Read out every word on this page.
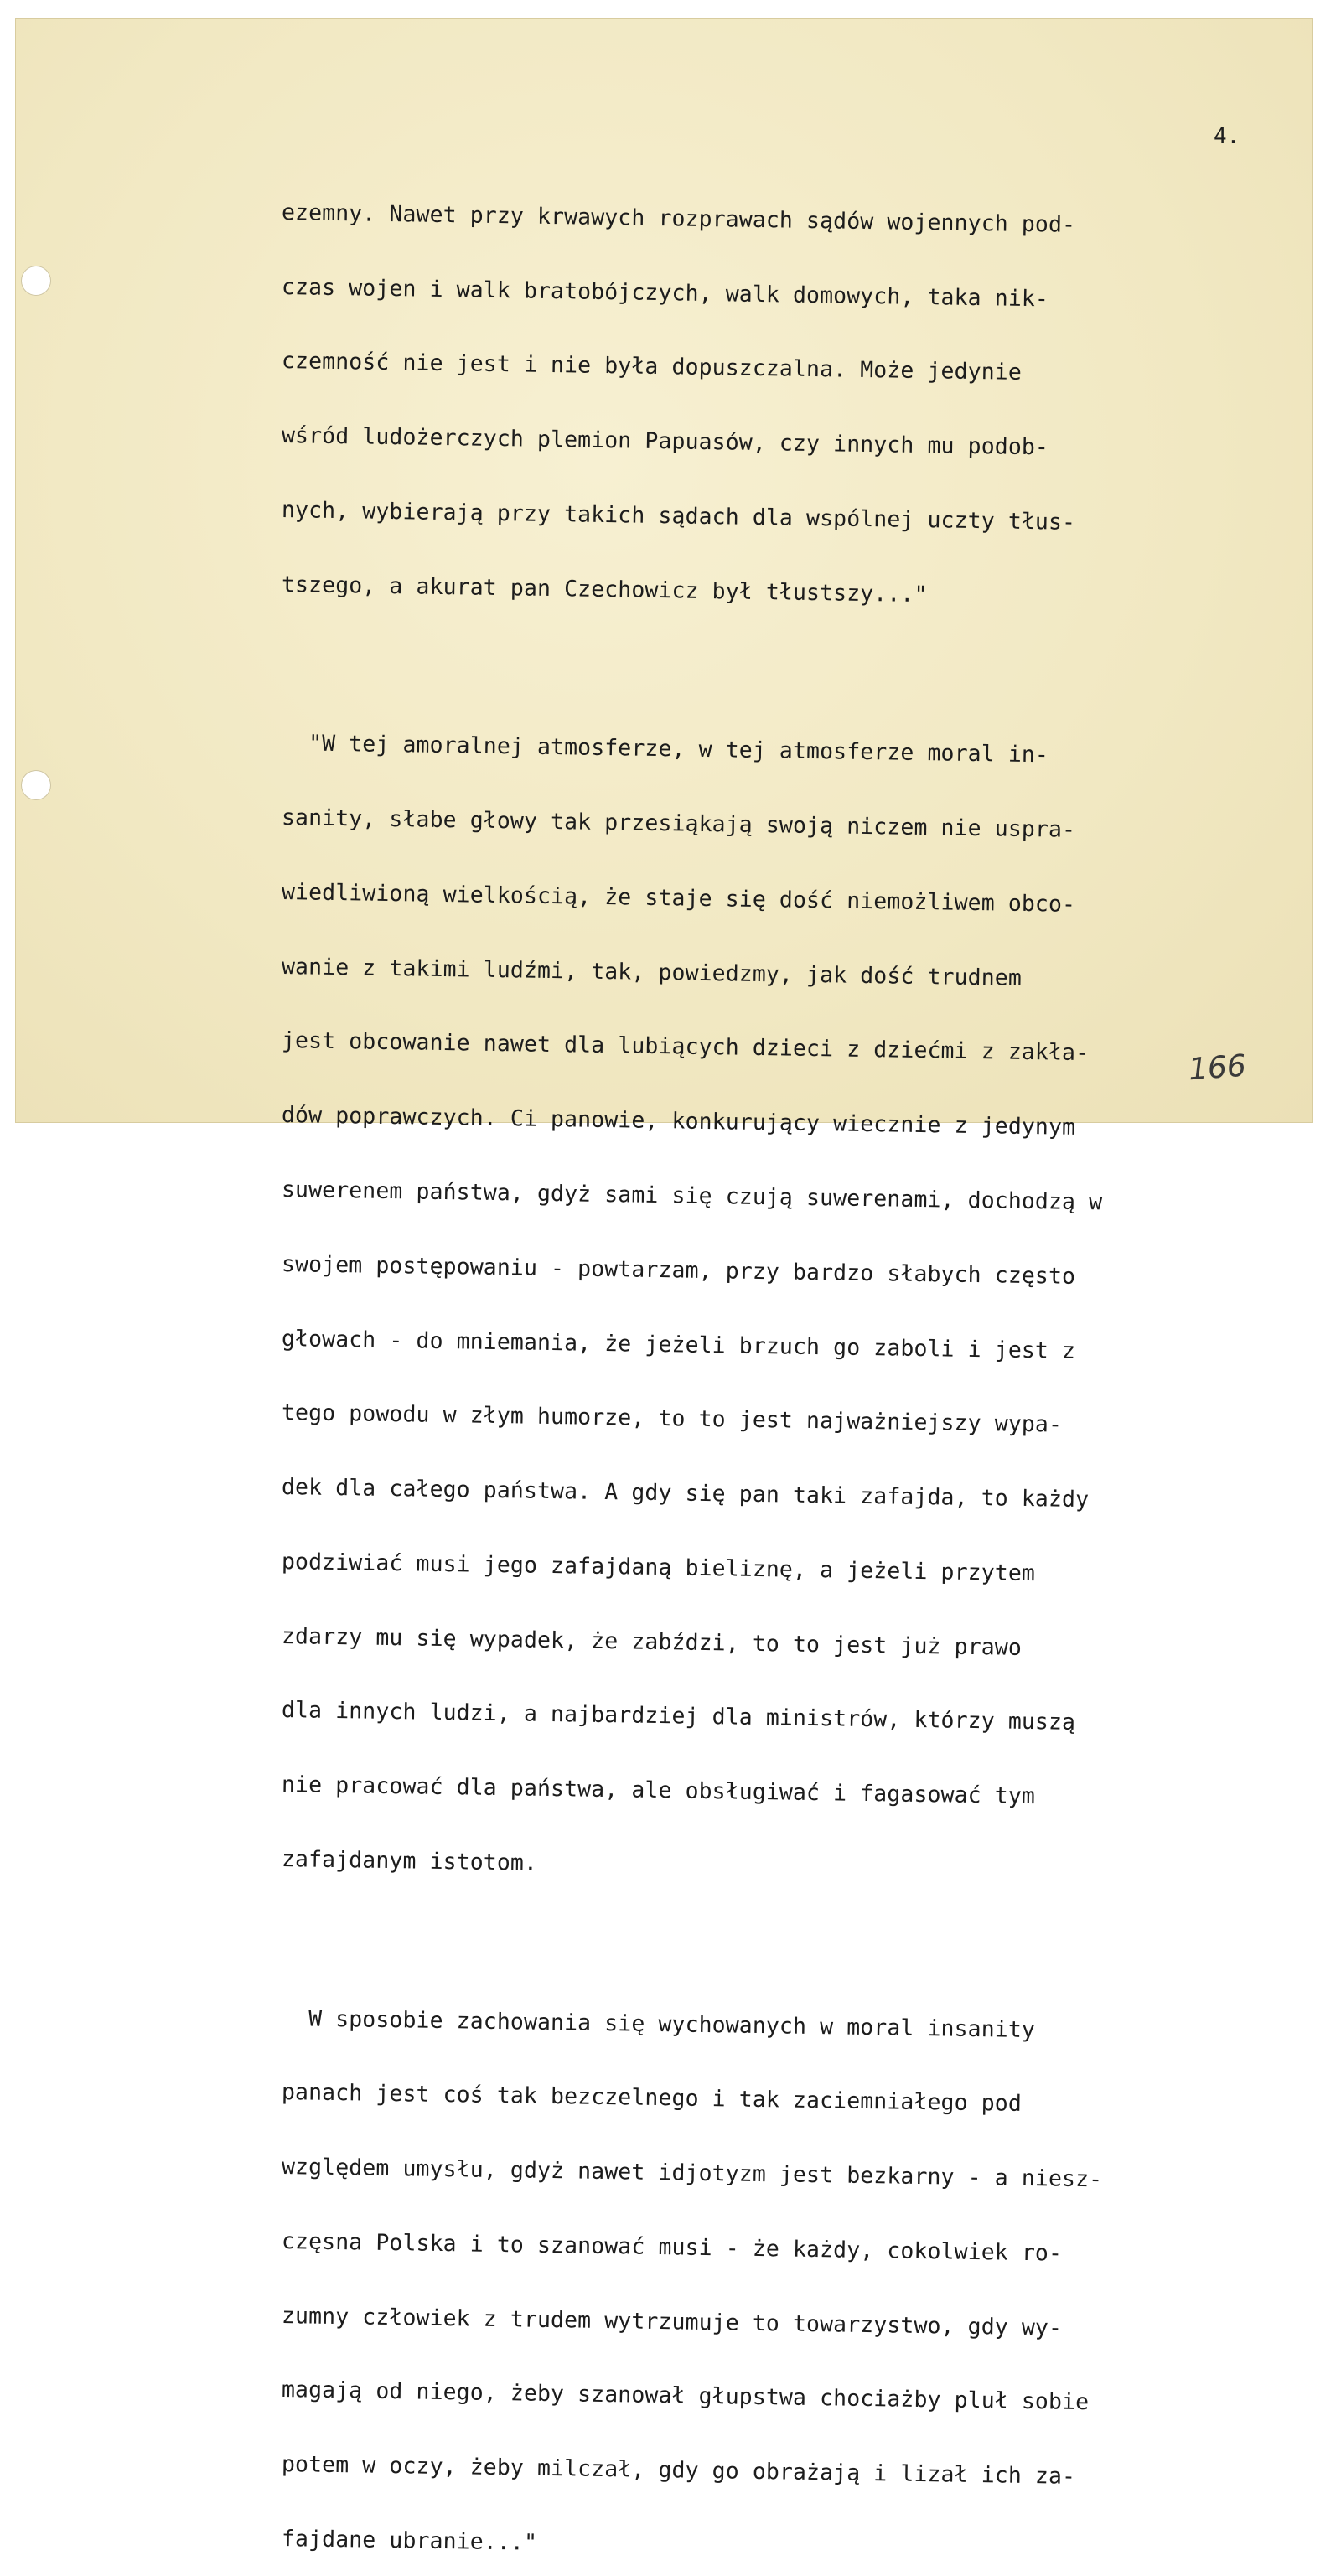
4.

ezemny. Nawet przy krwawych rozprawach sądów wojennych pod-

czas wojen i walk bratobójczych, walk domowych, taka nik-

czemność nie jest i nie była dopuszczalna. Może jedynie

wśród ludożerczych plemion Papuasów, czy innych mu podob-

nych, wybierają przy takich sądach dla wspólnej uczty tłus-

tszego, a akurat pan Czechowicz był tłustszy..."

"W tej amoralnej atmosferze, w tej atmosferze moral in-

sanity, słabe głowy tak przesiąkają swoją niczem nie uspra-

wiedliwioną wielkością, że staje się dość niemożliwem obco-

wanie z takimi ludźmi, tak, powiedzmy, jak dość trudnem

jest obcowanie nawet dla lubiących dzieci z dziećmi z zakła-

dów poprawczych. Ci panowie, konkurujący wiecznie z jedynym

suwerenem państwa, gdyż sami się czują suwerenami, dochodzą w

swojem postępowaniu - powtarzam, przy bardzo słabych często

głowach - do mniemania, że jeżeli brzuch go zaboli i jest z

tego powodu w złym humorze, to to jest najważniejszy wypa-

dek dla całego państwa. A gdy się pan taki zafajda, to każdy

podziwiać musi jego zafajdaną bieliznę, a jeżeli przytem

zdarzy mu się wypadek, że zabździ, to to jest już prawo

dla innych ludzi, a najbardziej dla ministrów, którzy muszą

nie pracować dla państwa, ale obsługiwać i fagasować tym

zafajdanym istotom.

W sposobie zachowania się wychowanych w moral insanity

panach jest coś tak bezczelnego i tak zaciemniałego pod

względem umysłu, gdyż nawet idjotyzm jest bezkarny - a niesz-

częsna Polska i to szanować musi - że każdy, cokolwiek ro-

zumny człowiek z trudem wytrzumuje to towarzystwo, gdy wy-

magają od niego, żeby szanował głupstwa chociażby pluł sobie

potem w oczy, żeby milczał, gdy go obrażają i lizał ich za-

fajdane ubranie..."

166
